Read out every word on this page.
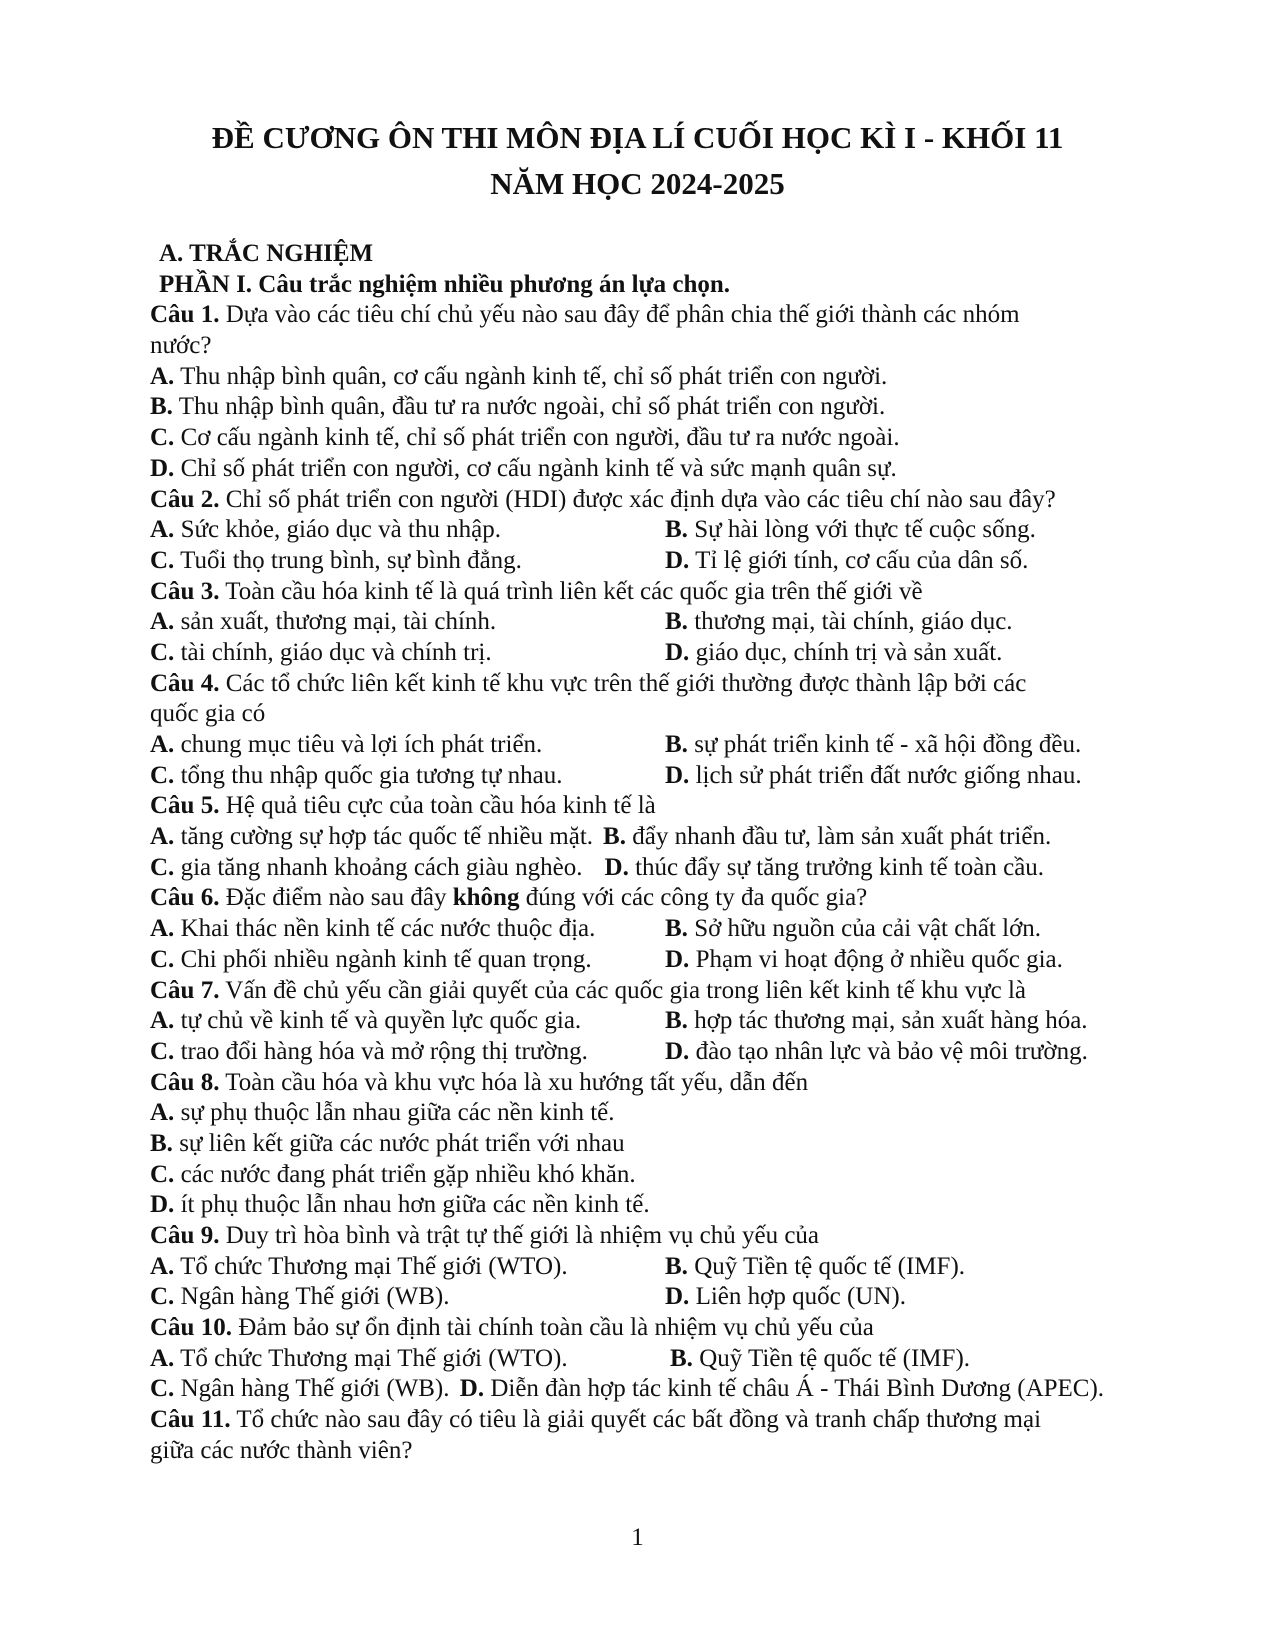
ĐỀ CƯƠNG ÔN THI MÔN ĐỊA LÍ CUỐI HỌC KÌ I - KHỐI 11
NĂM HỌC 2024-2025
A. TRẮC NGHIỆM
PHẦN I. Câu trắc nghiệm nhiều phương án lựa chọn.
Câu 1. Dựa vào các tiêu chí chủ yếu nào sau đây để phân chia thế giới thành các nhóm
nước?
A. Thu nhập bình quân, cơ cấu ngành kinh tế, chỉ số phát triển con người.
B. Thu nhập bình quân, đầu tư ra nước ngoài, chỉ số phát triển con người.
C. Cơ cấu ngành kinh tế, chỉ số phát triển con người, đầu tư ra nước ngoài.
D. Chỉ số phát triển con người, cơ cấu ngành kinh tế và sức mạnh quân sự.
Câu 2. Chỉ số phát triển con người (HDI) được xác định dựa vào các tiêu chí nào sau đây?
A. Sức khỏe, giáo dục và thu nhập.	B. Sự hài lòng với thực tế cuộc sống.
C. Tuổi thọ trung bình, sự bình đẳng.	D. Tỉ lệ giới tính, cơ cấu của dân số.
Câu 3. Toàn cầu hóa kinh tế là quá trình liên kết các quốc gia trên thế giới về
A. sản xuất, thương mại, tài chính.	B. thương mại, tài chính, giáo dục.
C. tài chính, giáo dục và chính trị.	D. giáo dục, chính trị và sản xuất.
Câu 4. Các tổ chức liên kết kinh tế khu vực trên thế giới thường được thành lập bởi các
quốc gia có
A. chung mục tiêu và lợi ích phát triển.	B. sự phát triển kinh tế - xã hội đồng đều.
C. tổng thu nhập quốc gia tương tự nhau.	D. lịch sử phát triển đất nước giống nhau.
Câu 5. Hệ quả tiêu cực của toàn cầu hóa kinh tế là
A. tăng cường sự hợp tác quốc tế nhiều mặt. B. đẩy nhanh đầu tư, làm sản xuất phát triển.
C. gia tăng nhanh khoảng cách giàu nghèo. D. thúc đẩy sự tăng trưởng kinh tế toàn cầu.
Câu 6. Đặc điểm nào sau đây không đúng với các công ty đa quốc gia?
A. Khai thác nền kinh tế các nước thuộc địa.	B. Sở hữu nguồn của cải vật chất lớn.
C. Chi phối nhiều ngành kinh tế quan trọng.	D. Phạm vi hoạt động ở nhiều quốc gia.
Câu 7. Vấn đề chủ yếu cần giải quyết của các quốc gia trong liên kết kinh tế khu vực là
A. tự chủ về kinh tế và quyền lực quốc gia.	B. hợp tác thương mại, sản xuất hàng hóa.
C. trao đổi hàng hóa và mở rộng thị trường.	D. đào tạo nhân lực và bảo vệ môi trường.
Câu 8. Toàn cầu hóa và khu vực hóa là xu hướng tất yếu, dẫn đến
A. sự phụ thuộc lẫn nhau giữa các nền kinh tế.
B. sự liên kết giữa các nước phát triển với nhau
C. các nước đang phát triển gặp nhiều khó khăn.
D. ít phụ thuộc lẫn nhau hơn giữa các nền kinh tế.
Câu 9. Duy trì hòa bình và trật tự thế giới là nhiệm vụ chủ yếu của
A. Tổ chức Thương mại Thế giới (WTO).	B. Quỹ Tiền tệ quốc tế (IMF).
C. Ngân hàng Thế giới (WB).	D. Liên hợp quốc (UN).
Câu 10. Đảm bảo sự ổn định tài chính toàn cầu là nhiệm vụ chủ yếu của
A. Tổ chức Thương mại Thế giới (WTO).	B. Quỹ Tiền tệ quốc tế (IMF).
C. Ngân hàng Thế giới (WB). D. Diễn đàn hợp tác kinh tế châu Á - Thái Bình Dương (APEC).
Câu 11. Tổ chức nào sau đây có tiêu là giải quyết các bất đồng và tranh chấp thương mại
giữa các nước thành viên?
1
